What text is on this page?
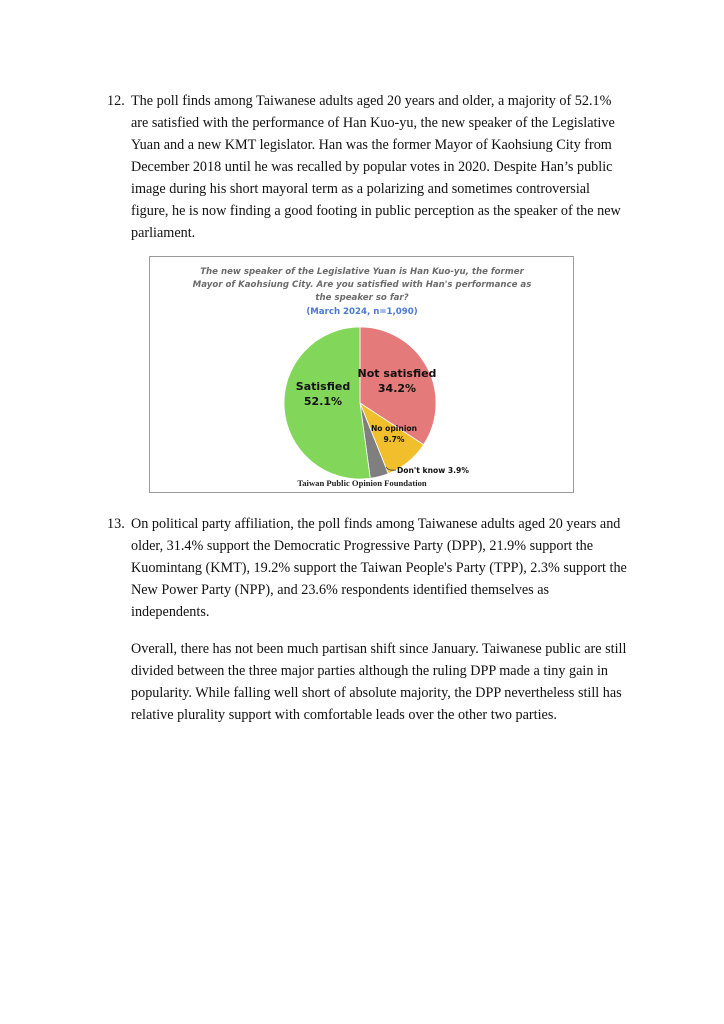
12. The poll finds among Taiwanese adults aged 20 years and older, a majority of 52.1% are satisfied with the performance of Han Kuo-yu, the new speaker of the Legislative Yuan and a new KMT legislator. Han was the former Mayor of Kaohsiung City from December 2018 until he was recalled by popular votes in 2020. Despite Han’s public image during his short mayoral term as a polarizing and sometimes controversial figure, he is now finding a good footing in public perception as the speaker of the new parliament.
The new speaker of the Legislative Yuan is Han Kuo-yu, the former
Mayor of Kaohsiung City. Are you satisfied with Han's performance as
the speaker so far?
(March 2024, n=1,090)
Not satisfied
34.2%
Satisfied
52.1%
No opinion
9.7%
Don't know 3.9%
Taiwan Public Opinion Foundation
13. On political party affiliation, the poll finds among Taiwanese adults aged 20 years and older, 31.4% support the Democratic Progressive Party (DPP), 21.9% support the Kuomintang (KMT), 19.2% support the Taiwan People's Party (TPP), 2.3% support the New Power Party (NPP), and 23.6% respondents identified themselves as independents.
Overall, there has not been much partisan shift since January. Taiwanese public are still divided between the three major parties although the ruling DPP made a tiny gain in popularity. While falling well short of absolute majority, the DPP nevertheless still has relative plurality support with comfortable leads over the other two parties.
